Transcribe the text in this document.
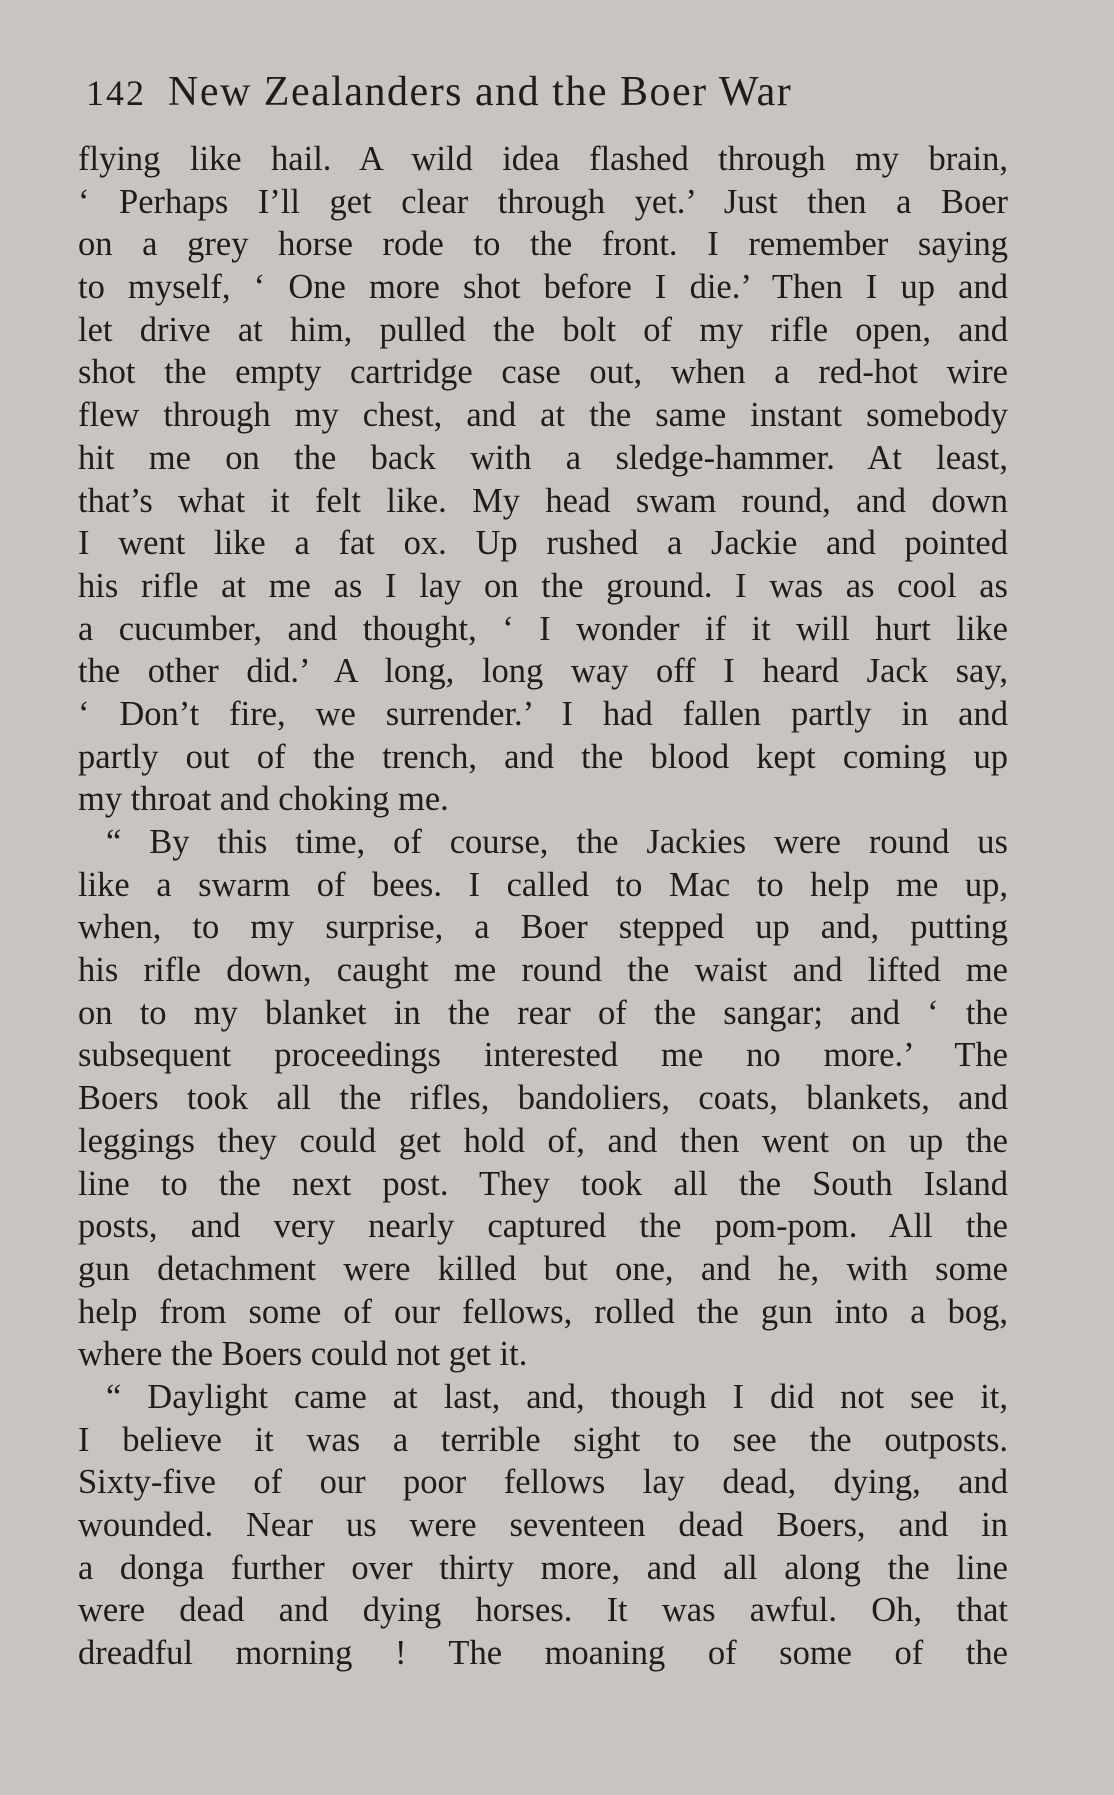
142 New Zealanders and the Boer War
flying like hail. A wild idea flashed through my brain,
‘ Perhaps I’ll get clear through yet.’ Just then a Boer
on a grey horse rode to the front. I remember saying
to myself, ‘ One more shot before I die.’ Then I up and
let drive at him, pulled the bolt of my rifle open, and
shot the empty cartridge case out, when a red-hot wire
flew through my chest, and at the same instant somebody
hit me on the back with a sledge-hammer. At least,
that’s what it felt like. My head swam round, and down
I went like a fat ox. Up rushed a Jackie and pointed
his rifle at me as I lay on the ground. I was as cool as
a cucumber, and thought, ‘ I wonder if it will hurt like
the other did.’ A long, long way off I heard Jack say,
‘ Don’t fire, we surrender.’ I had fallen partly in and
partly out of the trench, and the blood kept coming up
my throat and choking me.
“ By this time, of course, the Jackies were round us
like a swarm of bees. I called to Mac to help me up,
when, to my surprise, a Boer stepped up and, putting
his rifle down, caught me round the waist and lifted me
on to my blanket in the rear of the sangar; and ‘ the
subsequent proceedings interested me no more.’ The
Boers took all the rifles, bandoliers, coats, blankets, and
leggings they could get hold of, and then went on up the
line to the next post. They took all the South Island
posts, and very nearly captured the pom-pom. All the
gun detachment were killed but one, and he, with some
help from some of our fellows, rolled the gun into a bog,
where the Boers could not get it.
“ Daylight came at last, and, though I did not see it,
I believe it was a terrible sight to see the outposts.
Sixty-five of our poor fellows lay dead, dying, and
wounded. Near us were seventeen dead Boers, and in
a donga further over thirty more, and all along the line
were dead and dying horses. It was awful. Oh, that
dreadful morning ! The moaning of some of the
